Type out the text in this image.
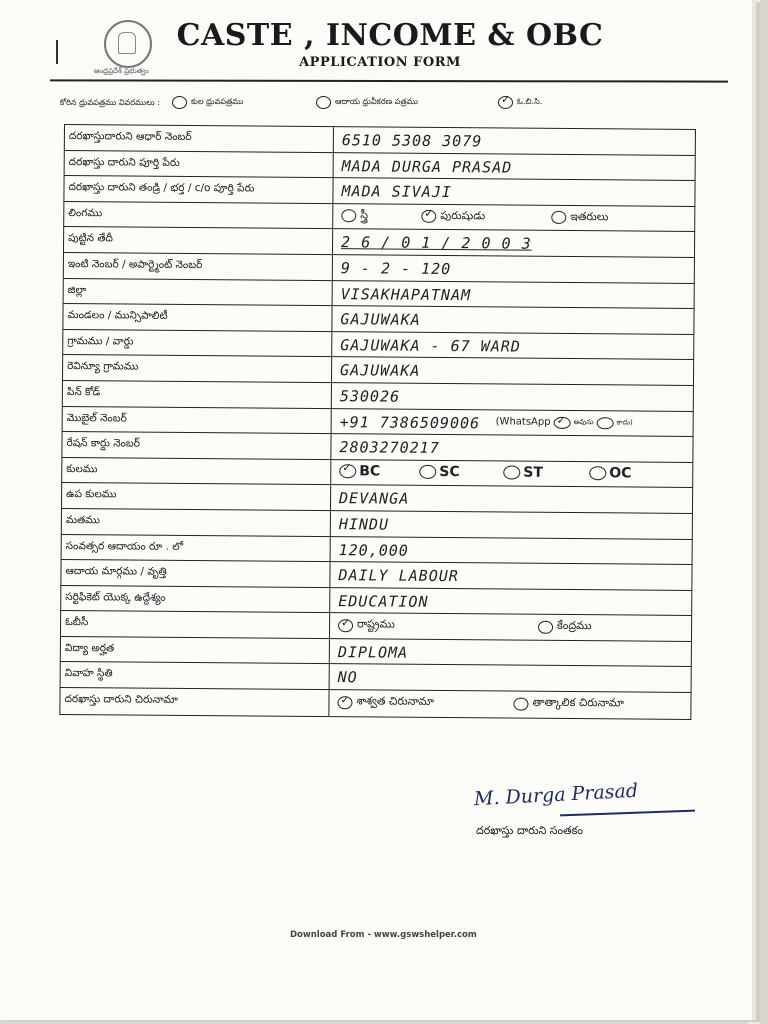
ఆంధ్రప్రదేశ్ ప్రభుత్వం
CASTE , INCOME & OBC
APPLICATION FORM
కోరిన ధ్రువపత్రము వివరములు :	కుల ధ్రువపత్రము	ఆదాయ ధ్రువీకరణ పత్రము ✓	ఓ.బి.సి.
దరఖాస్తుదారుని ఆధార్ నెంబర్	6510 5308 3079
దరఖాస్తు దారుని పూర్తి పేరు	MADA DURGA PRASAD
దరఖాస్తు దారుని తండ్రి / భర్త / c/o పూర్తి పేరు	MADA SIVAJI
లింగము	స్త్రీ ✓	పురుషుడు	ఇతరులు
పుట్టిన తేదీ	2 6 / 0 1 / 2 0 0 3
ఇంటి నెంబర్ / అపార్ట్మెంట్ నెంబర్	9 - 2 - 120
జిల్లా	VISAKHAPATNAM
మండలం / మున్సిపాలిటీ	GAJUWAKA
గ్రామము / వార్డు	GAJUWAKA - 67 WARD
రెవిన్యూ గ్రామము	GAJUWAKA
పిన్ కోడ్	530026
మొబైల్ నెంబర్	+91 7386509006 (WhatsApp ✓	అవును	కాదు)
రేషన్ కార్డు నెంబర్	2803270217
కులము ✓	BC	SC	ST	OC
ఉప కులము	DEVANGA
మతము	HINDU
సంవత్సర ఆదాయం రూ . లో	120,000
ఆదాయ మార్గము / వృత్తి	DAILY LABOUR
సర్టిఫికెట్ యొక్క ఉద్దేశ్యం	EDUCATION
ఓబీసీ ✓	రాష్ట్రము	కేంద్రము
విద్యా అర్హత	DIPLOMA
వివాహ స్థితి	NO
దరఖాస్తు దారుని చిరునామా ✓	శాశ్వత చిరునామా	తాత్కాలిక చిరునామా
M. Durga Prasad
దరఖాస్తు దారుని సంతకం
Download From - www.gswshelper.com
